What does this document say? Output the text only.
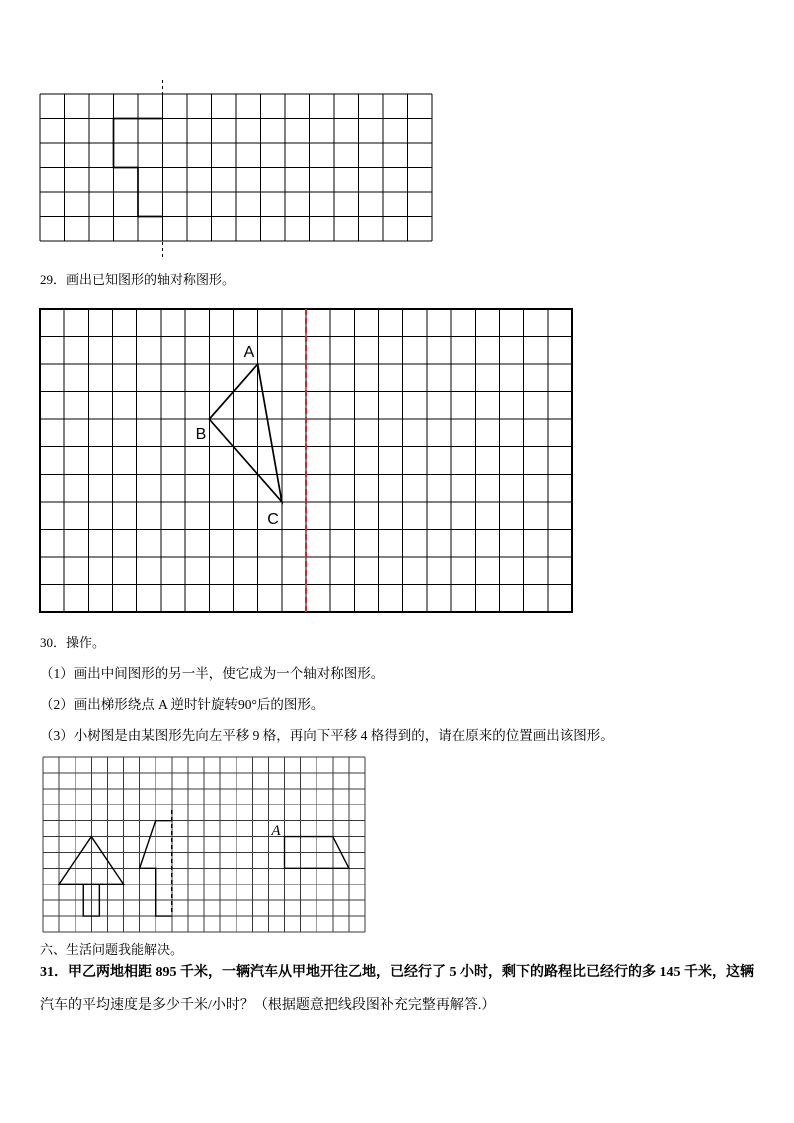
A
B
C
A
29．画出已知图形的轴对称图形。
30．操作。
（1）画出中间图形的另一半，使它成为一个轴对称图形。
（2）画出梯形绕点 A 逆时针旋转90°后的图形。
（3）小树图是由某图形先向左平移 9 格，再向下平移 4 格得到的，请在原来的位置画出该图形。
六、生活问题我能解决。
31．甲乙两地相距 895 千米，一辆汽车从甲地开往乙地，已经行了 5 小时，剩下的路程比已经行的多 145 千米，这辆
汽车的平均速度是多少千米/小时？（根据题意把线段图补充完整再解答.）
